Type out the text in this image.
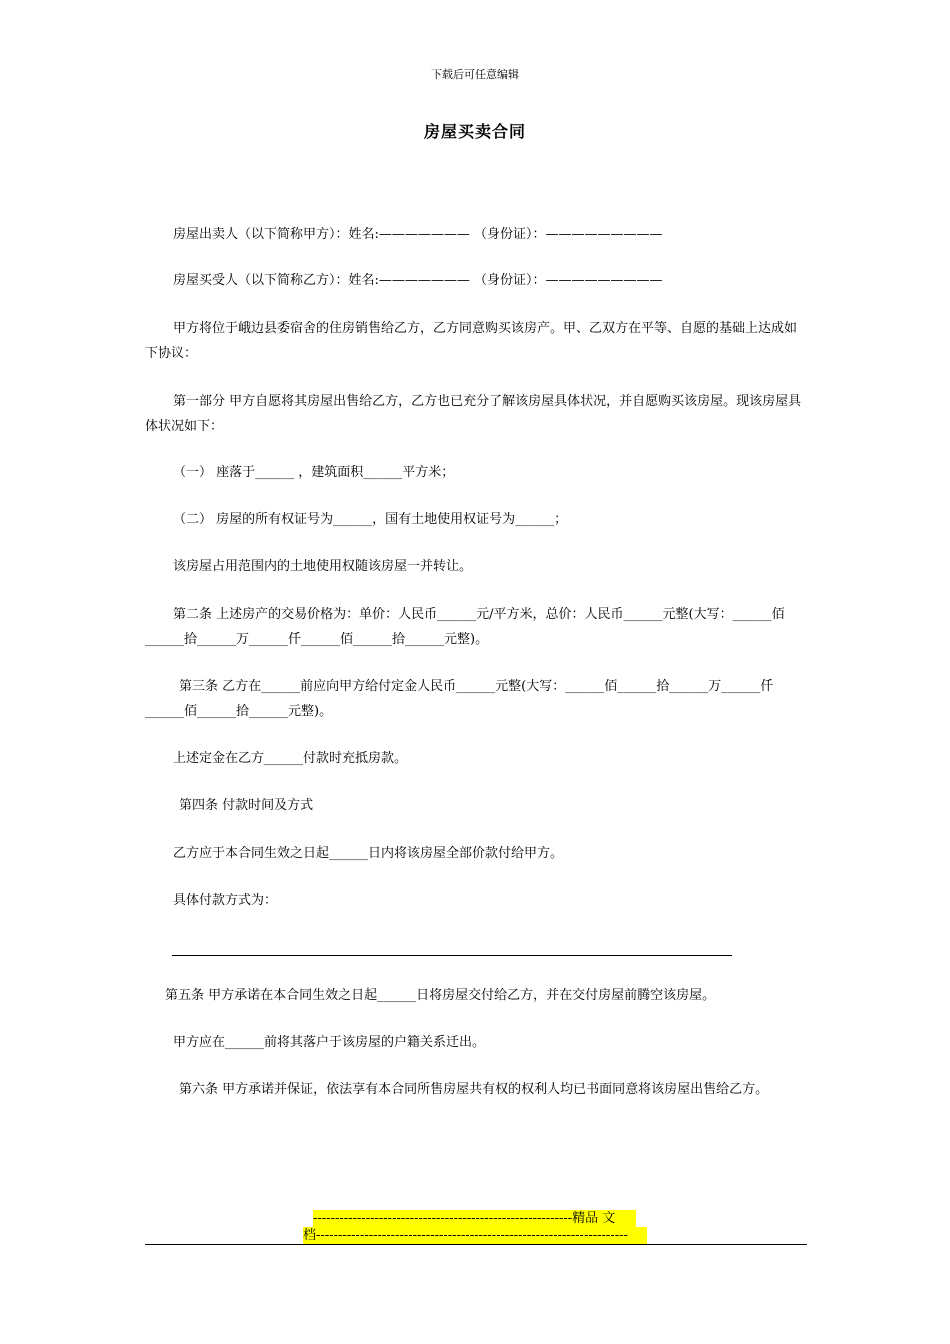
下载后可任意编辑
房屋买卖合同
房屋出卖人（以下简称甲方）：姓名:——————— （身份证）：—————————
房屋买受人（以下简称乙方）：姓名:——————— （身份证）：—————————
甲方将位于峨边县委宿舍的住房销售给乙方，乙方同意购买该房产。甲、乙双方在平等、自愿的基础上达成如下协议：
第一部分 甲方自愿将其房屋出售给乙方，乙方也已充分了解该房屋具体状况，并自愿购买该房屋。现该房屋具体状况如下：
（一） 座落于______ ，建筑面积______平方米；
（二） 房屋的所有权证号为______，国有土地使用权证号为______；
该房屋占用范围内的土地使用权随该房屋一并转让。
第二条 上述房产的交易价格为：单价：人民币______元/平方米，总价：人民币______元整(大写：______佰______拾______万______仟______佰______拾______元整)。
第三条 乙方在______前应向甲方给付定金人民币______元整(大写：______佰______拾______万______仟______佰______拾______元整)。
上述定金在乙方______付款时充抵房款。
第四条 付款时间及方式
乙方应于本合同生效之日起______日内将该房屋全部价款付给甲方。
具体付款方式为：
第五条 甲方承诺在本合同生效之日起______日将房屋交付给乙方，并在交付房屋前腾空该房屋。
甲方应在______前将其落户于该房屋的户籍关系迁出。
第六条 甲方承诺并保证，依法享有本合同所售房屋共有权的权利人均已书面同意将该房屋出售给乙方。
-----------------------------------------------------------精品 文
档-----------------------------------------------------------------------
